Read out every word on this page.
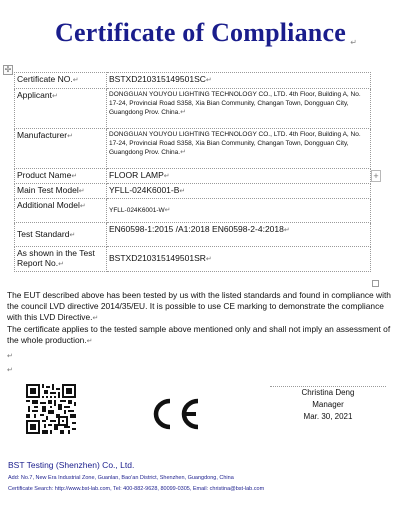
Certificate of Compliance ↵
✢
Certificate NO.↵	BSTXD210315149501SC↵
Applicant↵	DONGGUAN YOUYOU LIGHTING TECHNOLOGY CO., LTD. 4th Floor, Building A, No. 17-24, Provincial Road S358, Xia Bian Community, Changan Town, Dongguan City, Guangdong Prov. China.↵
Manufacturer↵	DONGGUAN YOUYOU LIGHTING TECHNOLOGY CO., LTD. 4th Floor, Building A, No. 17-24, Provincial Road S358, Xia Bian Community, Changan Town, Dongguan City, Guangdong Prov. China.↵
Product Name↵	FLOOR LAMP↵
Main Test Model↵	YFLL-024K6001-B↵
Additional Model↵	YFLL-024K6001-W↵
Test Standard↵	EN60598-1:2015 /A1:2018 EN60598-2-4:2018↵
As shown in the Test Report No.↵	BSTXD210315149501SR↵
+

The EUT described above has been tested by us with the listed standards and found in compliance with the council LVD directive 2014/35/EU. It is possible to use CE marking to demonstrate the compliance with this LVD Directive.↵

The certificate applies to the tested sample above mentioned only and shall not imply an assessment of the whole production.↵

↵
↵
Christina Deng
Manager
Mar. 30, 2021
BST Testing (Shenzhen) Co., Ltd.
Add: No.7, New Era Industrial Zone, Guanlan, Bao'an District, Shenzhen, Guangdong, China
Certificate Search: http://www.bst-lab.com, Tel: 400-882-9628, 80099-0305, Email: christina@bst-lab.com
